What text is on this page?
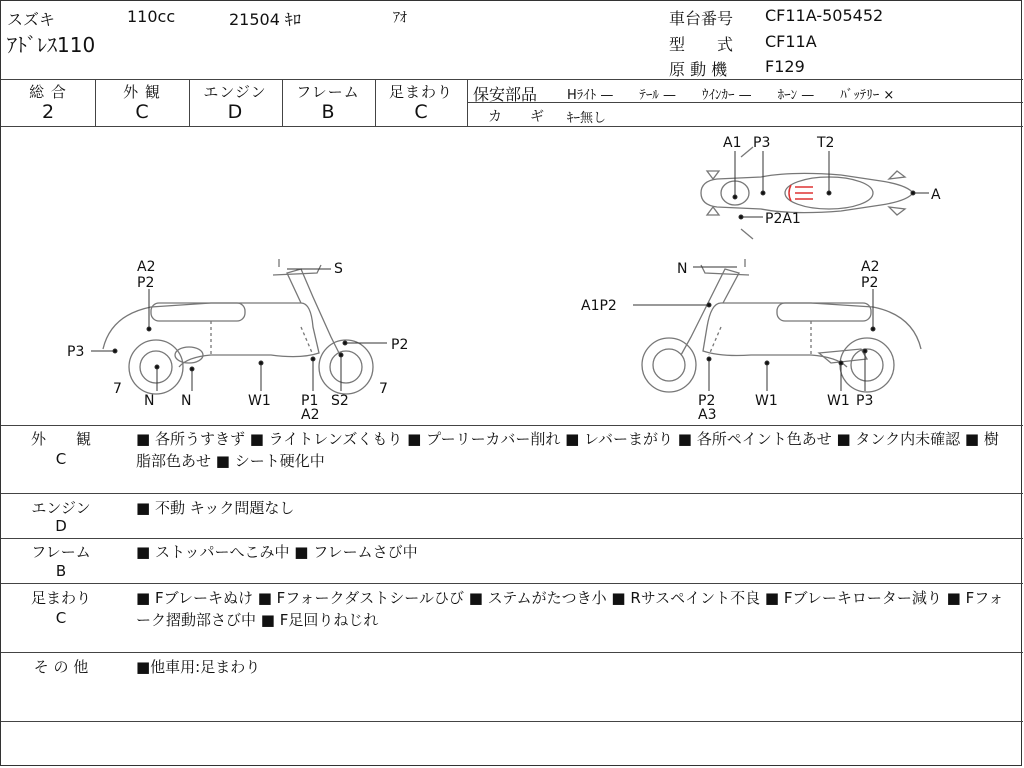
スズキ	110cc	21504 ｷﾛ	ｱｵ
ｱﾄﾞﾚｽ110
車台番号 CF11A-505452
型　　式 CF11A
原 動 機 F129
総 合
2
外 観
C
エンジン
D
フレーム
B
足まわり
C
保安部品 Hﾗｲﾄ —　　ﾃｰﾙ —　　ｳｲﾝｶｰ —　　ﾎｰﾝ —　　ﾊﾞｯﾃﾘｰ ×
カ　　ギ ｷｰ無し
A1 P3	T2
A
P2A1
A2
P2
S
P3	P2
7	7
N N	W1 P1
A2
S2
N	A2
P2
A1P2
P2
A3
W1	W1 P3
外　　観
C
■ 各所うすきず ■ ライトレンズくもり ■ プーリーカバー削れ ■ レバーまがり ■ 各所ペイント色あせ ■ タンク内未確認 ■ 樹脂部色あせ ■ シート硬化中
エンジン
D
■ 不動 キック問題なし
フレーム
B
■ ストッパーへこみ中 ■ フレームさび中
足まわり
C
■ Fブレーキぬけ ■ Fフォークダストシールひび ■ ステムがたつき小 ■ Rサスペイント不良 ■ Fブレーキローター減り ■ Fフォーク摺動部さび中 ■ F足回りねじれ
そ の 他	■他車用:足まわり
